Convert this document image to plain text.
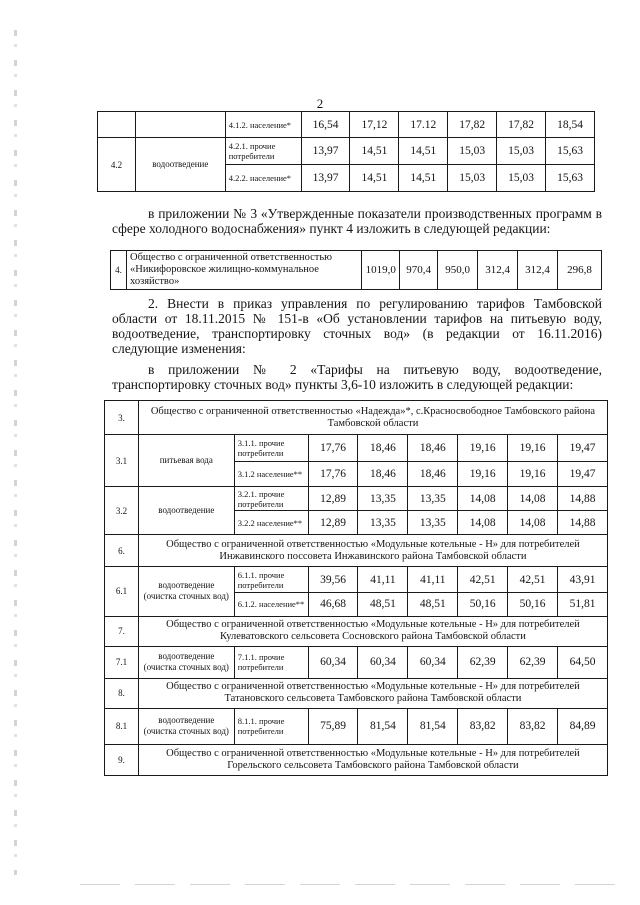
2
		4.1.2. население*	16,54	17,12	17.12	17,82	17,82	18,54
4.2	водоотведение	4.2.1. прочие потребители	13,97	14,51	14,51	15,03	15,03	15,63
		4.2.2. население*	13,97	14,51	14,51	15,03	15,03	15,63
в приложении № 3 «Утвержденные показатели производственных программ в сфере холодного водоснабжения» пункт 4 изложить в следующей редакции:
4.	Общество с ограниченной ответственностью «Никифоровское жилищно-коммунальное хозяйство»	1019,0	970,4	950,0	312,4	312,4	296,8
2. Внести в приказ управления по регулированию тарифов Тамбовской области от 18.11.2015 № 151-в «Об установлении тарифов на питьевую воду, водоотведение, транспортировку сточных вод» (в редакции от 16.11.2016) следующие изменения:
в приложении № 2 «Тарифы на питьевую воду, водоотведение, транспортировку сточных вод» пункты 3,6-10 изложить в следующей редакции:
3.	Общество с ограниченной ответственностью «Надежда»*, с.Красносвободное Тамбовского района Тамбовской области							
3.1	питьевая вода	3.1.1. прочие потребители	17,76	18,46	18,46	19,16	19,16	19,47
		3.1.2 население**	17,76	18,46	18,46	19,16	19,16	19,47
3.2	водоотведение	3.2.1. прочие потребители	12,89	13,35	13,35	14,08	14,08	14,88
		3.2.2 население**	12,89	13,35	13,35	14,08	14,08	14,88
6.	Общество с ограниченной ответственностью «Модульные котельные - Н» для потребителей Инжавинского поссовета Инжавинского района Тамбовской области							
6.1	водоотведение (очистка сточных вод)	6.1.1. прочие потребители	39,56	41,11	41,11	42,51	42,51	43,91
		6.1.2. население**	46,68	48,51	48,51	50,16	50,16	51,81
7.	Общество с ограниченной ответственностью «Модульные котельные - Н» для потребителей Кулеватовского сельсовета Сосновского района Тамбовской области							
7.1	водоотведение (очистка сточных вод)	7.1.1. прочие потребители	60,34	60,34	60,34	62,39	62,39	64,50
8.	Общество с ограниченной ответственностью «Модульные котельные - Н» для потребителей Татановского сельсовета Тамбовского района Тамбовской области							
8.1	водоотведение (очистка сточных вод)	8.1.1. прочие потребители	75,89	81,54	81,54	83,82	83,82	84,89
9.	Общество с ограниченной ответственностью «Модульные котельные - Н» для потребителей Горельского сельсовета Тамбовского района Тамбовской области							
